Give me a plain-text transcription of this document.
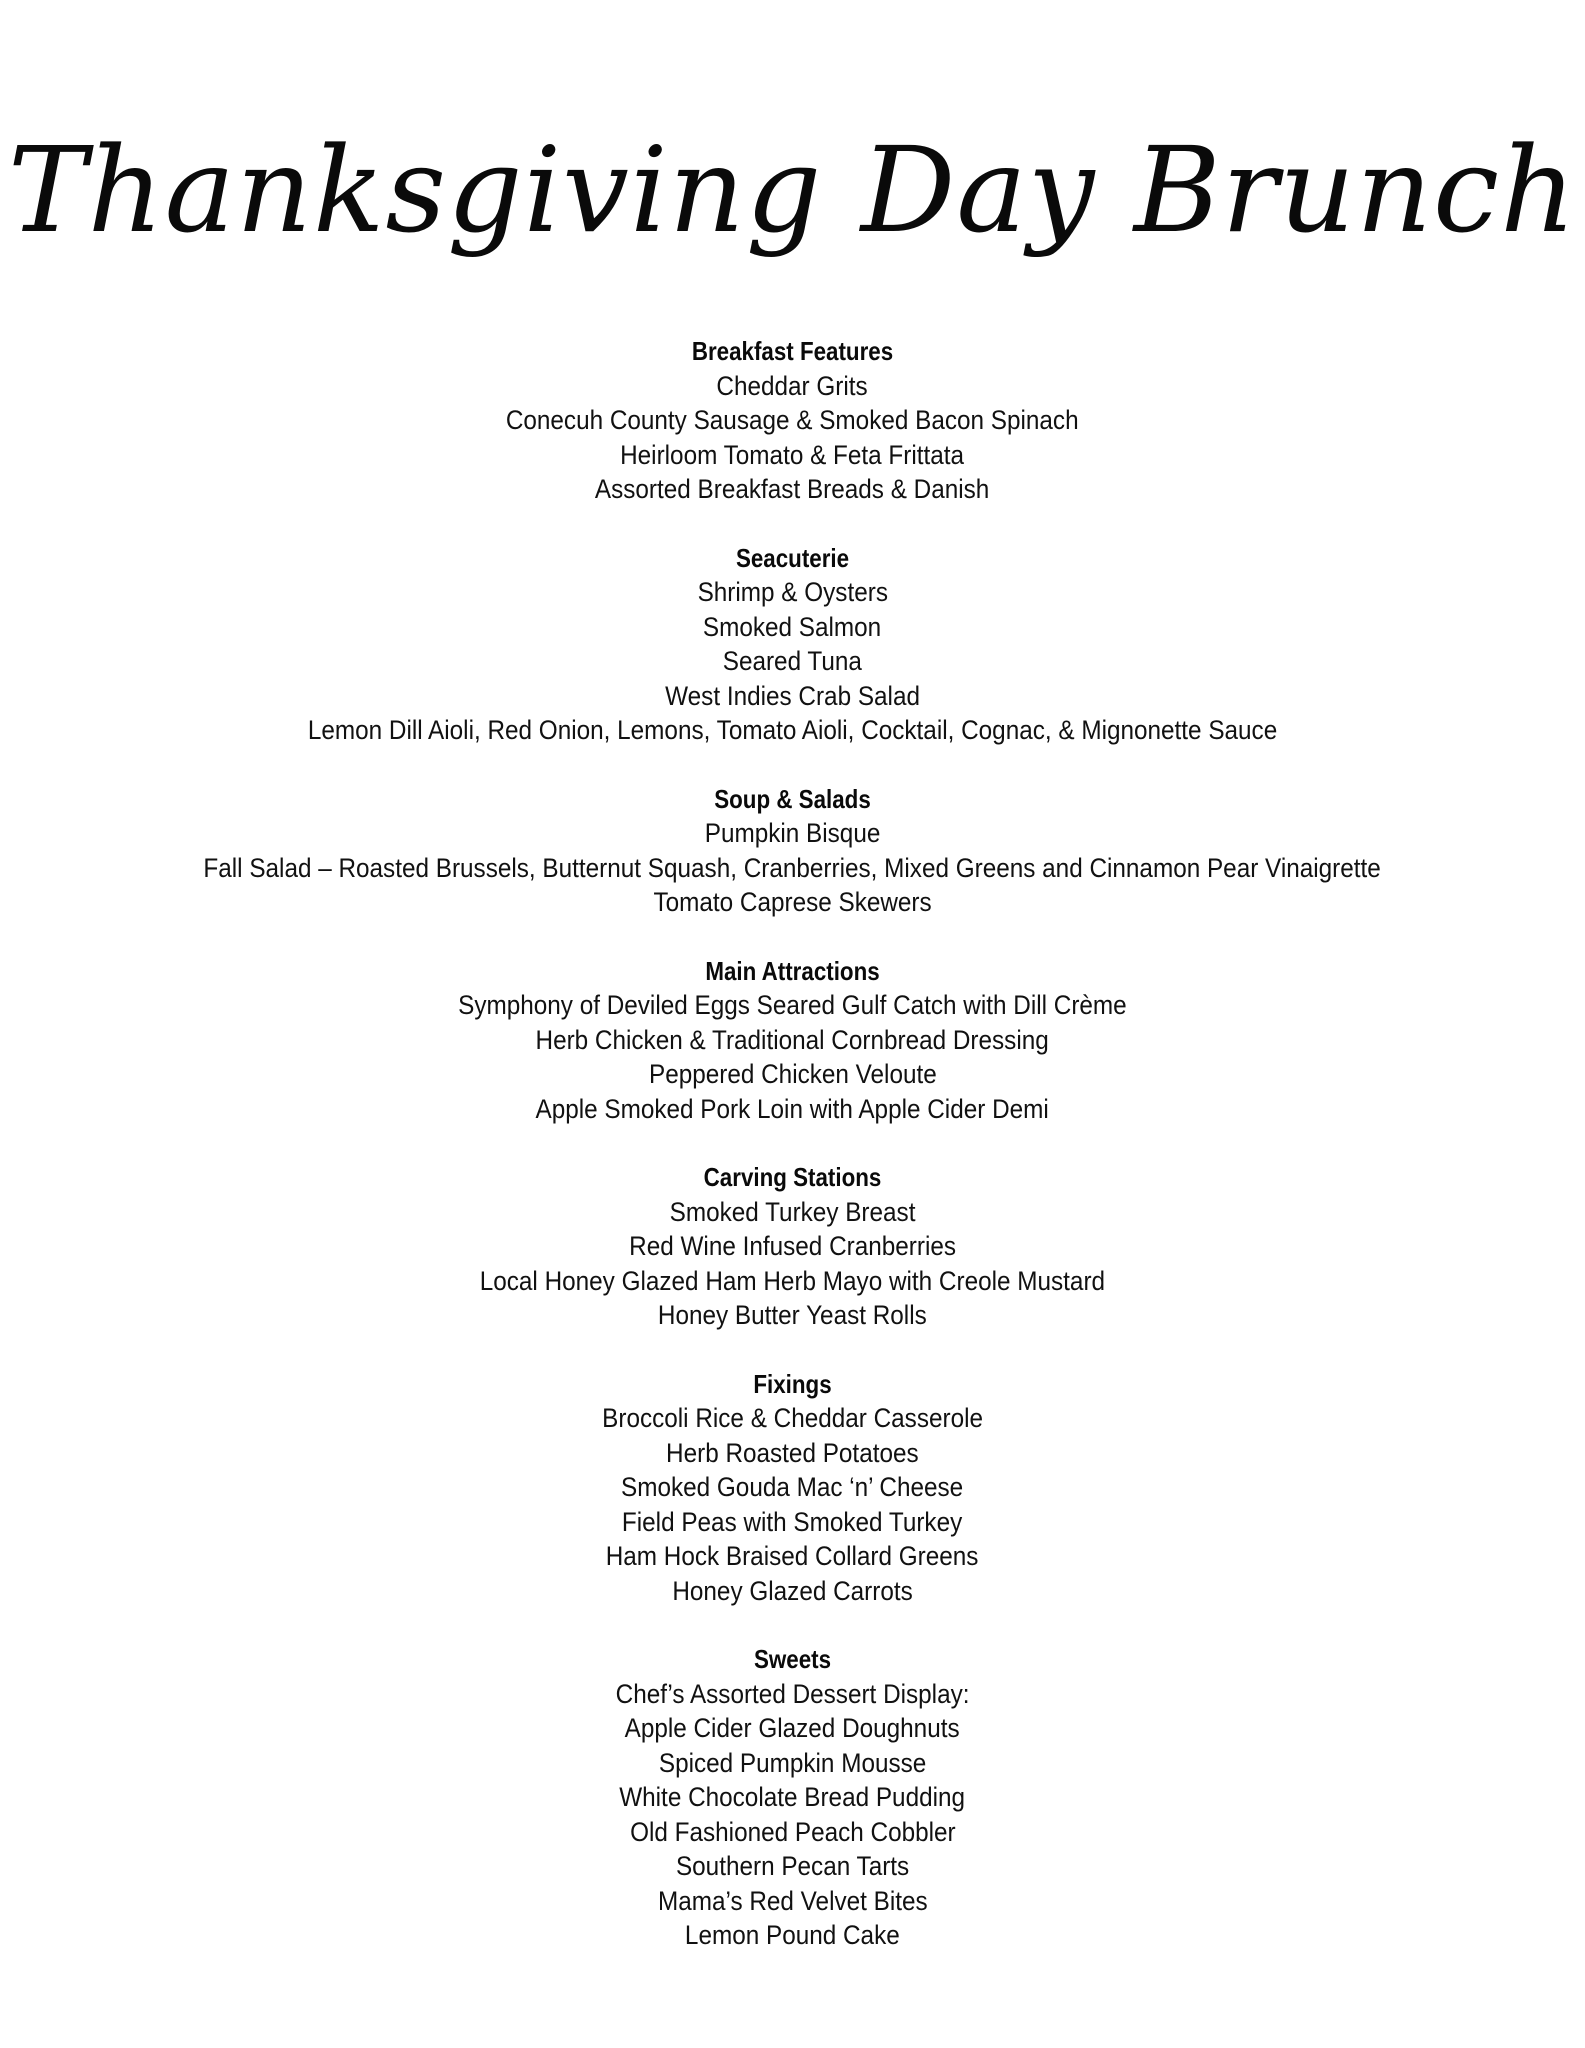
Thanksgiving Day Brunch
Breakfast Features
Cheddar Grits
Conecuh County Sausage & Smoked Bacon Spinach
Heirloom Tomato & Feta Frittata
Assorted Breakfast Breads & Danish
Seacuterie
Shrimp & Oysters
Smoked Salmon
Seared Tuna
West Indies Crab Salad
Lemon Dill Aioli, Red Onion, Lemons, Tomato Aioli, Cocktail, Cognac, & Mignonette Sauce
Soup & Salads
Pumpkin Bisque
Fall Salad – Roasted Brussels, Butternut Squash, Cranberries, Mixed Greens and Cinnamon Pear Vinaigrette
Tomato Caprese Skewers
Main Attractions
Symphony of Deviled Eggs Seared Gulf Catch with Dill Crème
Herb Chicken & Traditional Cornbread Dressing
Peppered Chicken Veloute
Apple Smoked Pork Loin with Apple Cider Demi
Carving Stations
Smoked Turkey Breast
Red Wine Infused Cranberries
Local Honey Glazed Ham Herb Mayo with Creole Mustard
Honey Butter Yeast Rolls
Fixings
Broccoli Rice & Cheddar Casserole
Herb Roasted Potatoes
Smoked Gouda Mac ‘n’ Cheese
Field Peas with Smoked Turkey
Ham Hock Braised Collard Greens
Honey Glazed Carrots
Sweets
Chef’s Assorted Dessert Display:
Apple Cider Glazed Doughnuts
Spiced Pumpkin Mousse
White Chocolate Bread Pudding
Old Fashioned Peach Cobbler
Southern Pecan Tarts
Mama’s Red Velvet Bites
Lemon Pound Cake
